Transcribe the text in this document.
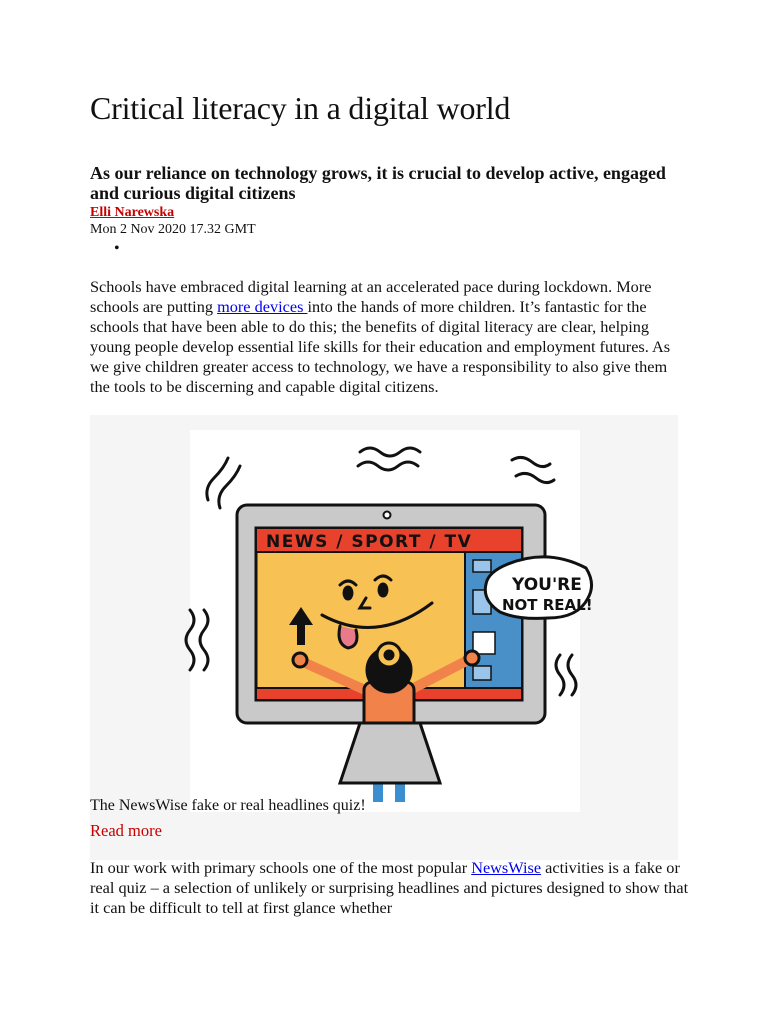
Critical literacy in a digital world
As our reliance on technology grows, it is crucial to develop active, engaged and curious digital citizens
Elli Narewska
Mon 2 Nov 2020 17.32 GMT
•

Schools have embraced digital learning at an accelerated pace during lockdown. More schools are putting more devices into the hands of more children. It’s fantastic for the schools that have been able to do this; the benefits of digital literacy are clear, helping young people develop essential life skills for their education and employment futures. As we give children greater access to technology, we have a responsibility to also give them the tools to be discerning and capable digital citizens.

NEWS / SPORT / TV
YOU'RE
NOT REAL!
The NewsWise fake or real headlines quiz!
Read more

In our work with primary schools one of the most popular NewsWise activities is a fake or real quiz – a selection of unlikely or surprising headlines and pictures designed to show that it can be difficult to tell at first glance whether
